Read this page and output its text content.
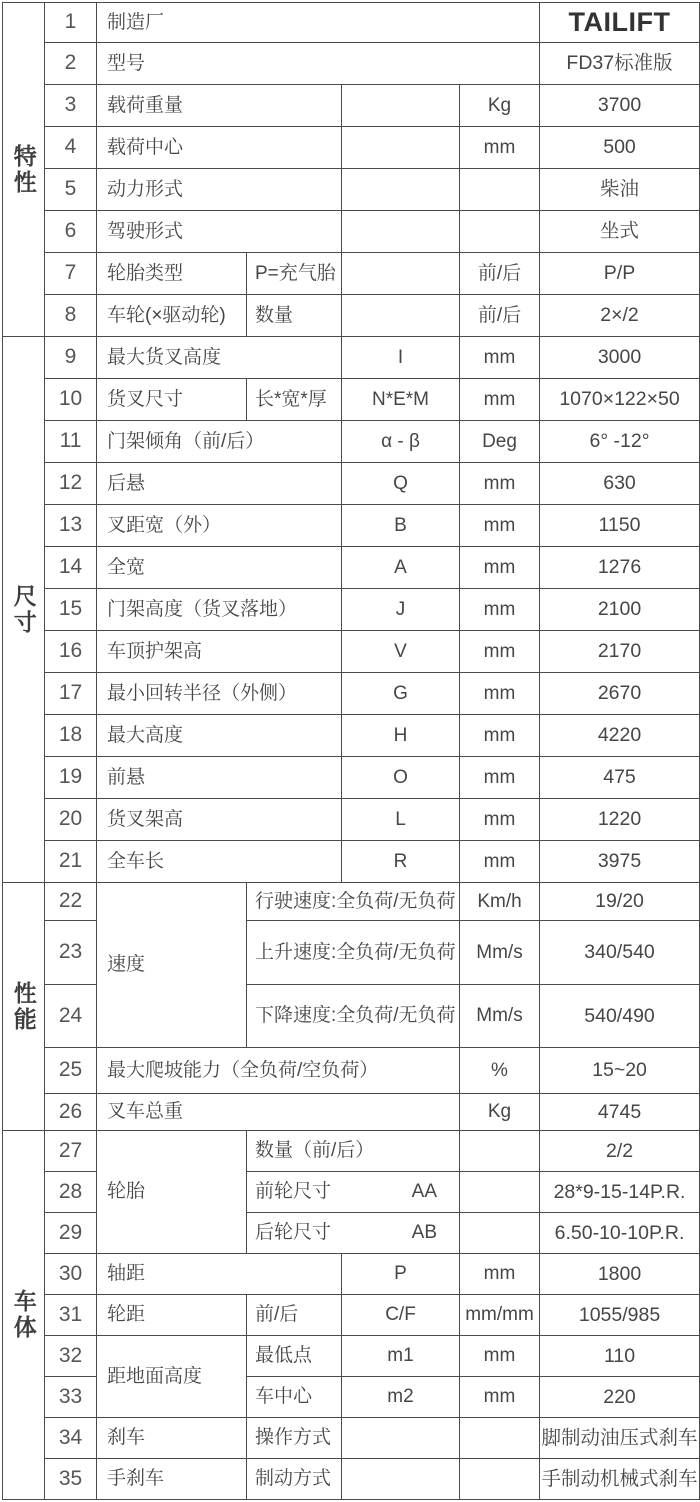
特性	1	制造厂				TAILIFT
	2	型号				FD37标准版
	3	载荷重量			Kg	3700
	4	载荷中心			mm	500
	5	动力形式				柴油
	6	驾驶形式				坐式
	7	轮胎类型	P=充气胎		前/后	P/P
	8	车轮(×驱动轮)	数量		前/后	2×/2

尺寸	9	最大货叉高度		I	mm	3000
	10	货叉尺寸	长*宽*厚	N*E*M	mm	1070×122×50
	11	门架倾角（前/后）		α - β	Deg	6° -12°
	12	后悬		Q	mm	630
	13	叉距宽（外）		B	mm	1150
	14	全宽		A	mm	1276
	15	门架高度（货叉落地）		J	mm	2100
	16	车顶护架高		V	mm	2170
	17	最小回转半径（外侧）		G	mm	2670
	18	最大高度		H	mm	4220
	19	前悬		O	mm	475
	20	货叉架高		L	mm	1220
	21	全车长		R	mm	3975

性能	22	速度	行驶速度:全负荷/无负荷		Km/h	19/20
	23		上升速度:全负荷/无负荷		Mm/s	340/540
	24		下降速度:全负荷/无负荷		Mm/s	540/490
	25	最大爬坡能力（全负荷/空负荷）			%	15~20
	26	叉车总重			Kg	4745

车体	27	轮胎	数量（前/后）			2/2
	28		前轮尺寸 AA			28*9-15-14P.R.
	29		后轮尺寸 AB			6.50-10-10P.R.
	30	轴距		P	mm	1800
	31	轮距	前/后	C/F	mm/mm	1055/985
	32	距地面高度	最低点	m1	mm	110
	33		车中心	m2	mm	220
	34	刹车	操作方式			脚制动油压式刹车
	35	手刹车	制动方式			手制动机械式刹车
